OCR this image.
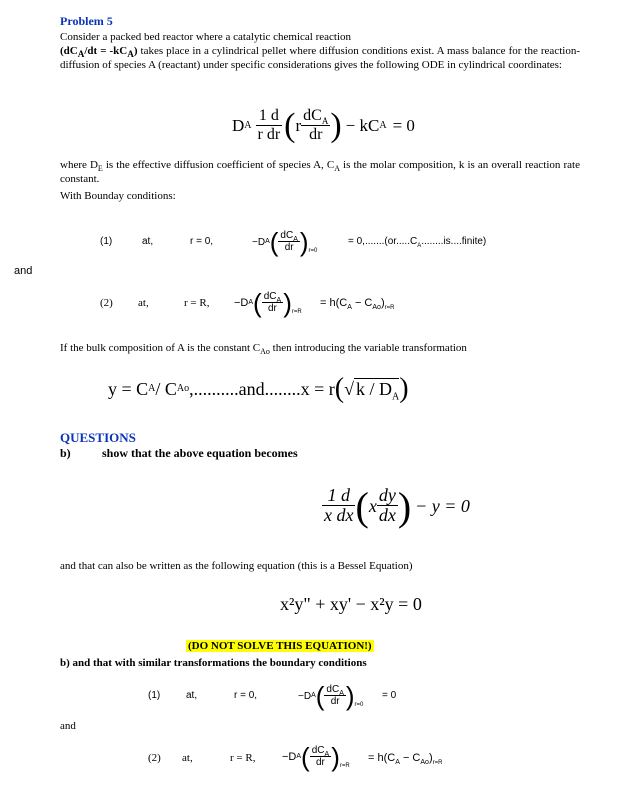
Problem 5
Consider a packed bed reactor where a catalytic chemical reaction
$(dC_A/dt = -kC_A)$ takes place in a cylindrical pellet where diffusion conditions exist. A mass balance for the reaction-diffusion of species A (reactant) under specific considerations gives the following ODE in cylindrical coordinates:
D A $\frac{1 d}{\text{r dr}}$ ( r $\frac{dC_A}{dr}$ ) − kC A = 0
where $D_E$ is the effective diffusion coefficient of species A, $C_A$ is the molar composition, k is an overall reaction rate constant.
With Bounday conditions:
(1)	at,	r = 0,	−D A ( $\frac{dC_A}{dr}$ ) r=0
= $0,.......(or.....C_A........is....finite)$
and
(2) at,	r = R, −D A ( $\frac{dC_A}{dr}$ ) r=R
= $h(C_A - C_{Ao})_{r=R}$
If the bulk composition of A is the constant $C_{Ao}$ then introducing the variable transformation
y = C A / C Ao ,..........and........x = r ( √ k / $D_A$ )
QUESTIONS
b)	show that the above equation becomes
$\frac{1 d}{\text{x dx}}$ ( x $\frac{dy}{dx}$ ) − y = 0
and that can also be written as the following equation (this is a Bessel Equation)
x²y" + xy' − x²y = 0
(DO NOT SOLVE THIS EQUATION!)
b) and that with similar transformations the boundary conditions
(1)	at,	r = 0,	−D A ( $\frac{dC_A}{dr}$ ) r=0
= 0
and
(2) at,	r = R, −D A ( $\frac{dC_A}{dr}$ ) r=R
= $h(C_A - C_{Ao})_{r=R}$
